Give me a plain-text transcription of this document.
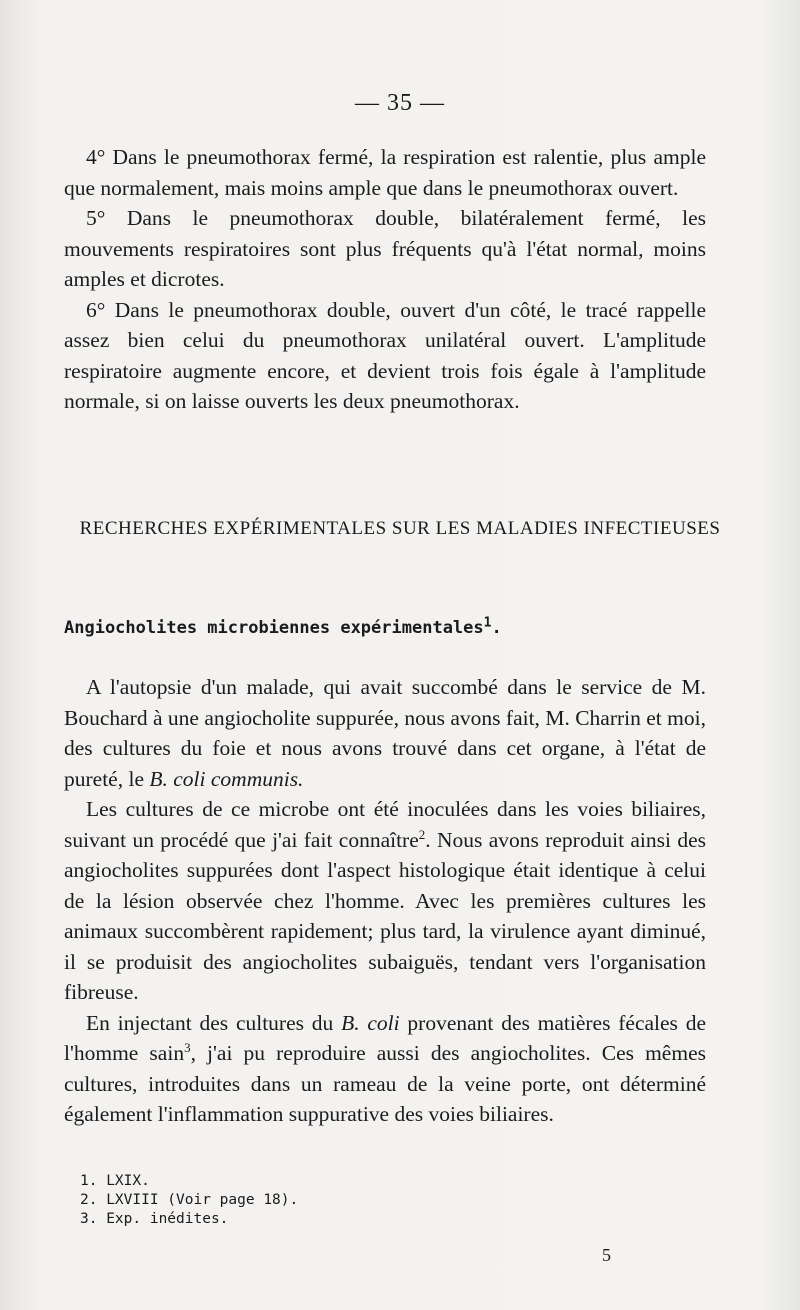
— 35 —

4° Dans le pneumothorax fermé, la respiration est ralentie, plus ample que normalement, mais moins ample que dans le pneumothorax ouvert.

5° Dans le pneumothorax double, bilatéralement fermé, les mouvements respiratoires sont plus fréquents qu'à l'état normal, moins amples et dicrotes.

6° Dans le pneumothorax double, ouvert d'un côté, le tracé rappelle assez bien celui du pneumothorax unilatéral ouvert. L'amplitude respiratoire augmente encore, et devient trois fois égale à l'amplitude normale, si on laisse ouverts les deux pneumothorax.

RECHERCHES EXPÉRIMENTALES SUR LES MALADIES INFECTIEUSES
Angiocholites microbiennes expérimentales$^1$.

A l'autopsie d'un malade, qui avait succombé dans le service de M. Bouchard à une angiocholite suppurée, nous avons fait, M. Charrin et moi, des cultures du foie et nous avons trouvé dans cet organe, à l'état de pureté, le B. coli communis.

Les cultures de ce microbe ont été inoculées dans les voies biliaires, suivant un procédé que j'ai fait connaître$^2$. Nous avons reproduit ainsi des angiocholites suppurées dont l'aspect histologique était identique à celui de la lésion observée chez l'homme. Avec les premières cultures les animaux succombèrent rapidement; plus tard, la virulence ayant diminué, il se produisit des angiocholites subaiguës, tendant vers l'organisation fibreuse.

En injectant des cultures du B. coli provenant des matières fécales de l'homme sain$^3$, j'ai pu reproduire aussi des angiocholites. Ces mêmes cultures, introduites dans un rameau de la veine porte, ont déterminé également l'inflammation suppurative des voies biliaires.

1. LXIX.
2. LXVIII (Voir page 18).
3. Exp. inédites.
5
